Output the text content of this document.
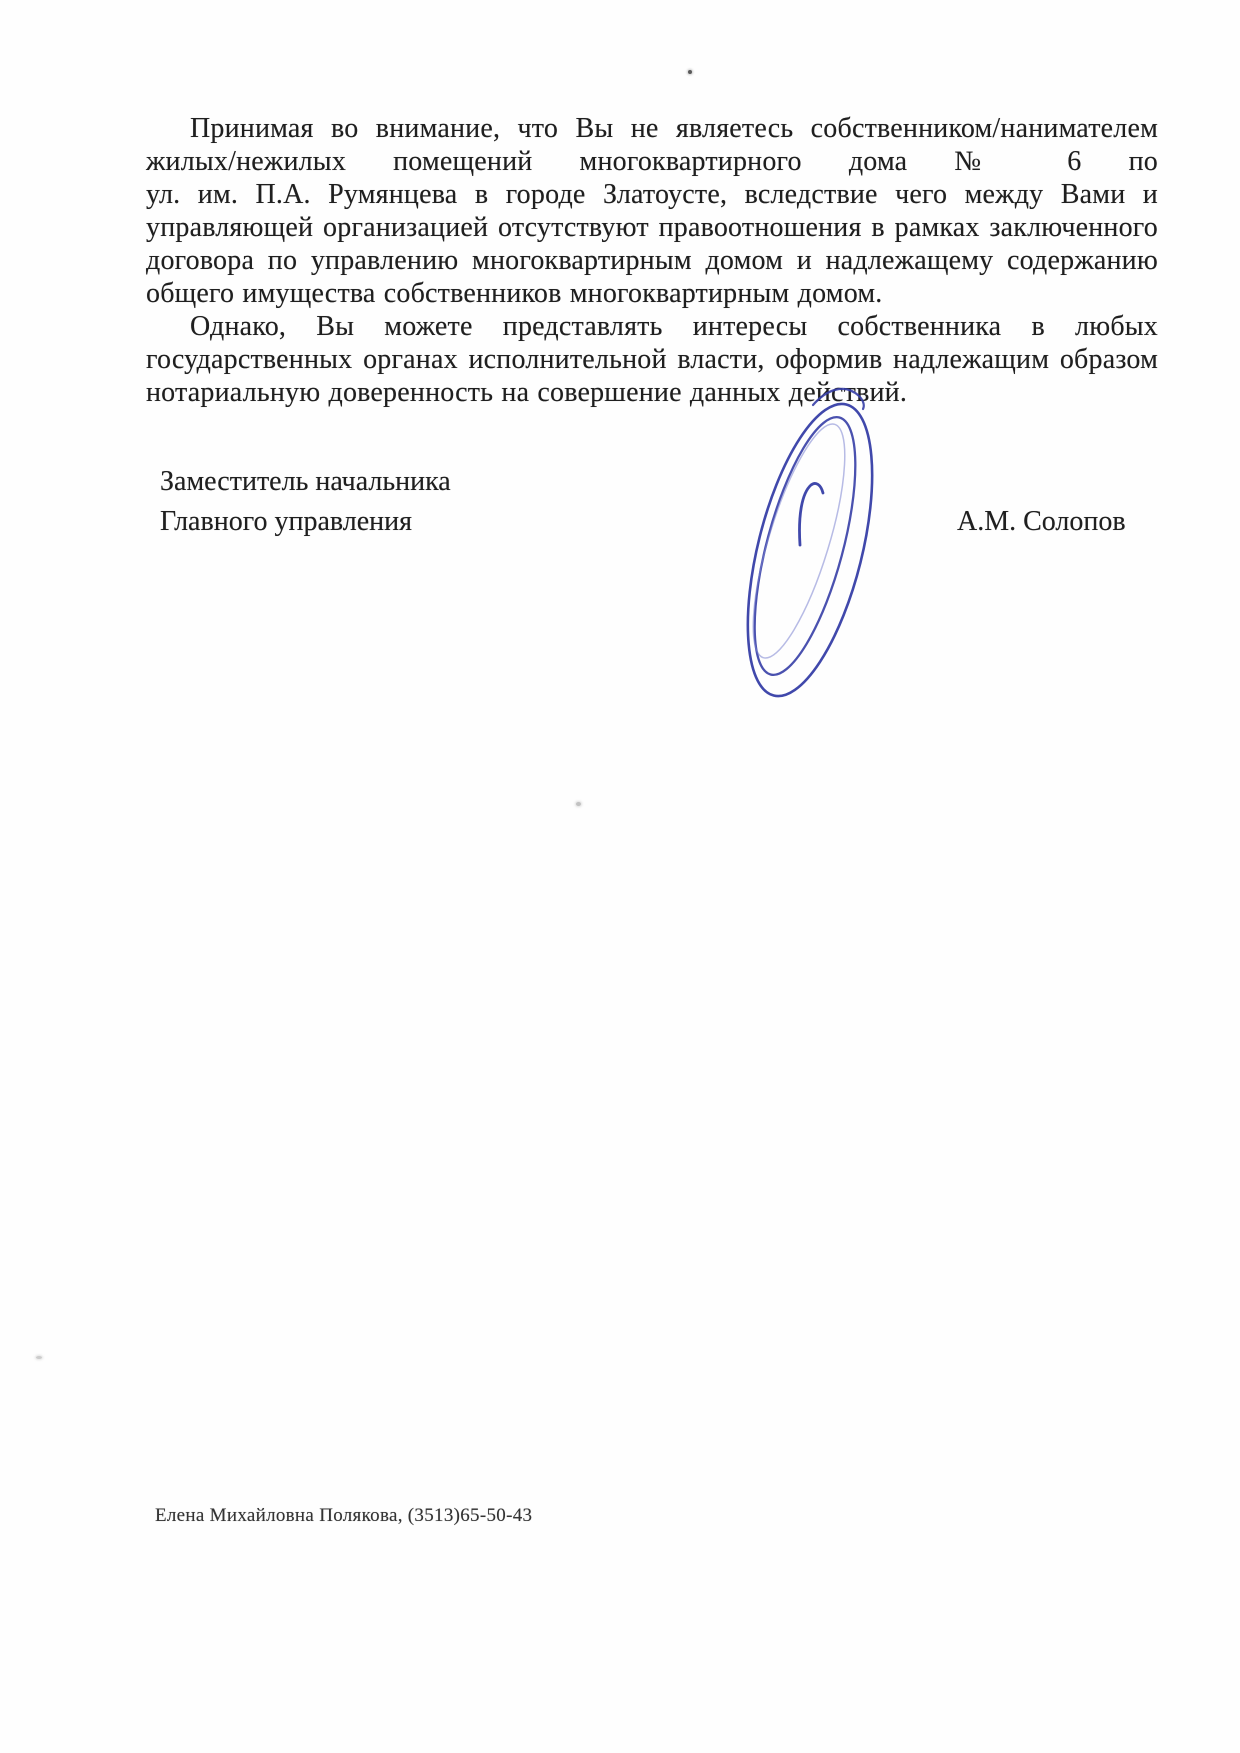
Принимая во внимание, что Вы не являетесь собственником/нанимателем
жилых/нежилых помещений многоквартирного дома № 6 по
ул. им. П.А. Румянцева в городе Златоусте, вследствие чего между Вами и
управляющей организацией отсутствуют правоотношения в рамках заключенного
договора по управлению многоквартирным домом и надлежащему содержанию
общего имущества собственников многоквартирным домом.
Однако, Вы можете представлять интересы собственника в любых
государственных органах исполнительной власти, оформив надлежащим образом
нотариальную доверенность на совершение данных действий.
Заместитель начальника
Главного управления	А.М. Солопов
Елена Михайловна Полякова, (3513)65-50-43
